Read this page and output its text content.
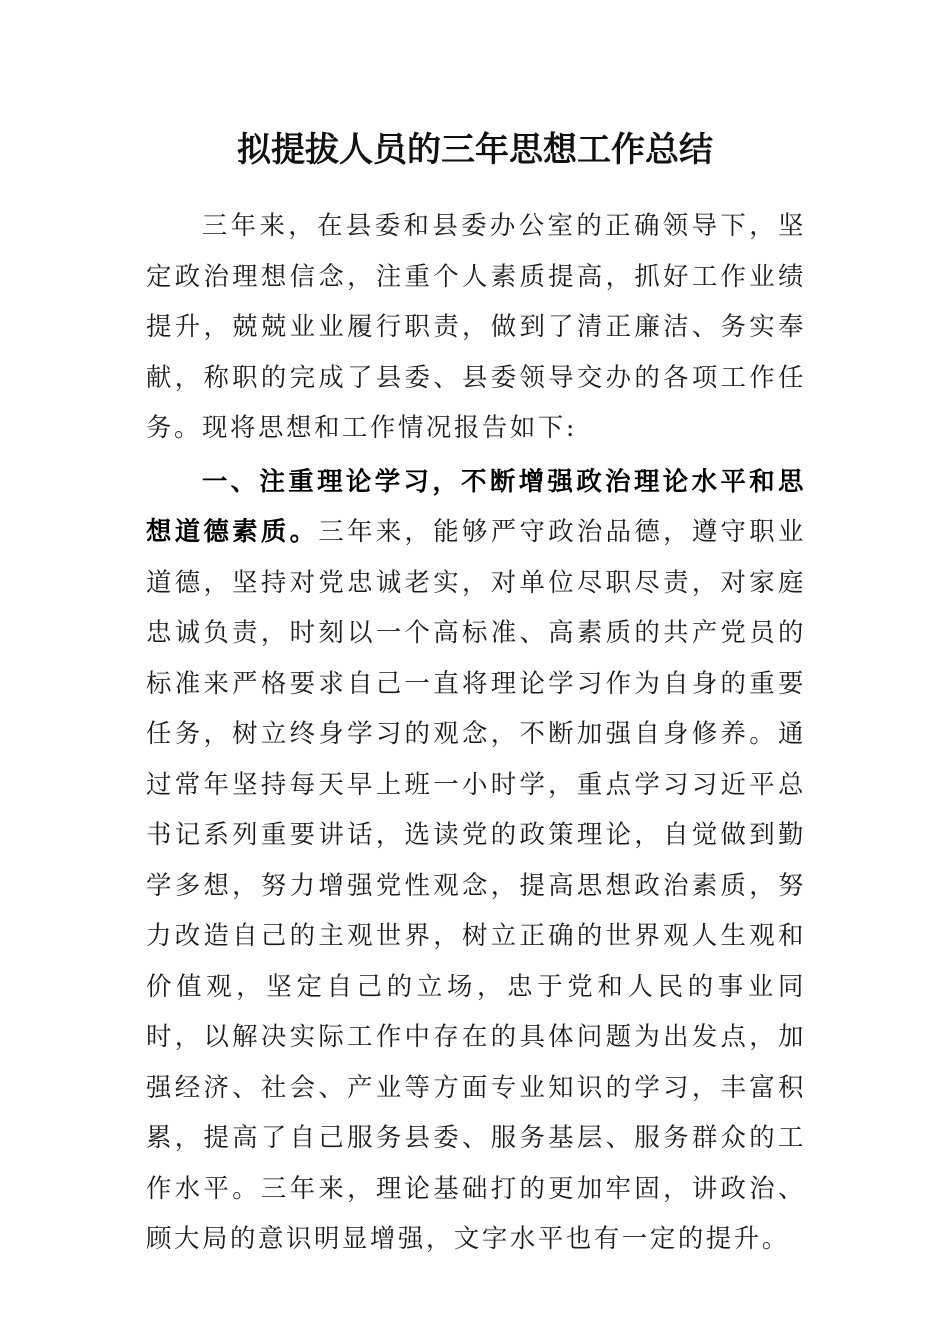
拟提拔人员的三年思想工作总结

三年来，在县委和县委办公室的正确领导下，坚定政治理想信念，注重个人素质提高，抓好工作业绩提升，兢兢业业履行职责，做到了清正廉洁、务实奉献，称职的完成了县委、县委领导交办的各项工作任务。现将思想和工作情况报告如下:

一、注重理论学习，不断增强政治理论水平和思想道德素质。三年来，能够严守政治品德，遵守职业道德，坚持对党忠诚老实，对单位尽职尽责，对家庭忠诚负责，时刻以一个高标准、高素质的共产党员的标准来严格要求自己一直将理论学习作为自身的重要任务，树立终身学习的观念，不断加强自身修养。通过常年坚持每天早上班一小时学，重点学习习近平总书记系列重要讲话，选读党的政策理论，自觉做到勤学多想，努力增强党性观念，提高思想政治素质，努力改造自己的主观世界，树立正确的世界观人生观和价值观，坚定自己的立场，忠于党和人民的事业同时，以解决实际工作中存在的具体问题为出发点，加强经济、社会、产业等方面专业知识的学习，丰富积累，提高了自己服务县委、服务基层、服务群众的工作水平。三年来，理论基础打的更加牢固，讲政治、顾大局的意识明显增强，文字水平也有一定的提升。
